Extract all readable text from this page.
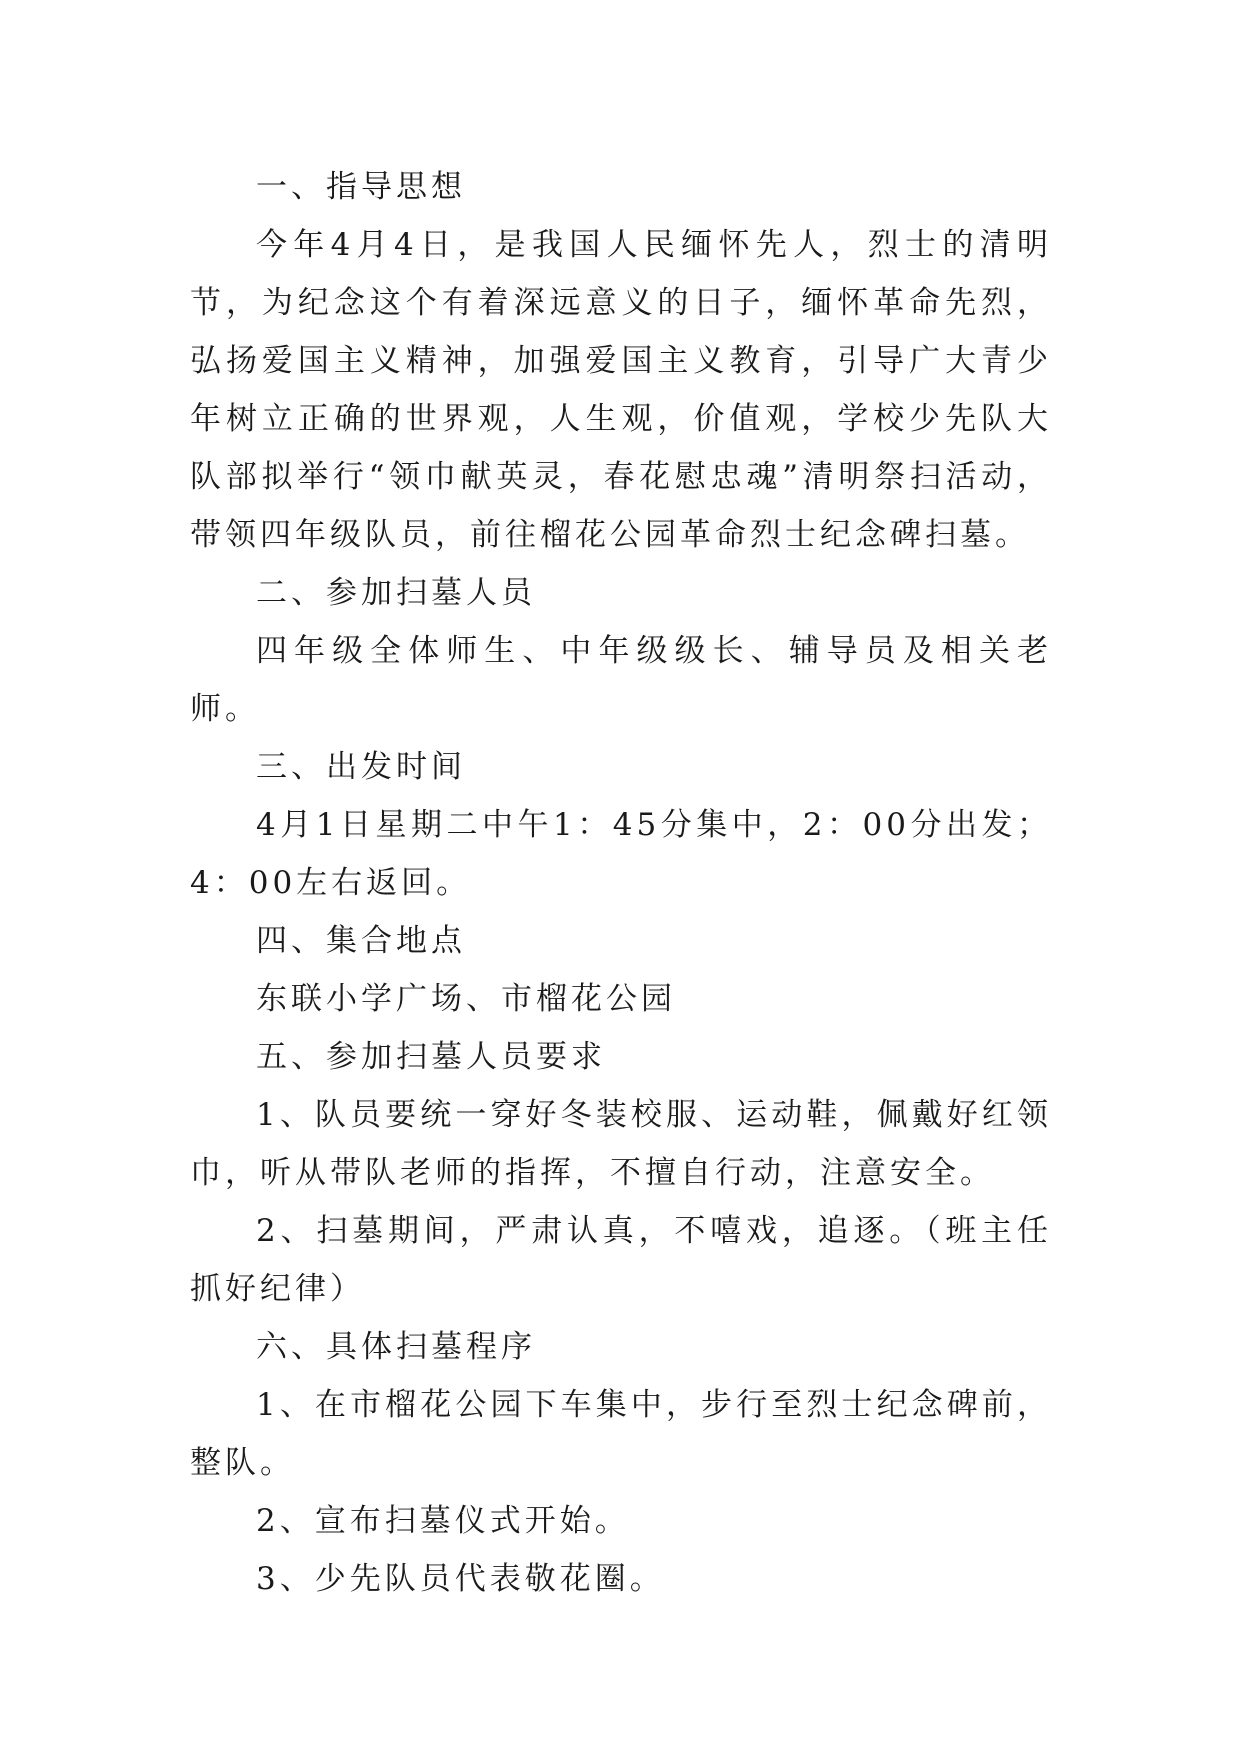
一、指导思想

今年4月4日，是我国人民缅怀先人，烈士的清明节，为纪念这个有着深远意义的日子，缅怀革命先烈，弘扬爱国主义精神，加强爱国主义教育，引导广大青少年树立正确的世界观，人生观，价值观，学校少先队大队部拟举行“领巾献英灵，春花慰忠魂”清明祭扫活动，带领四年级队员，前往榴花公园革命烈士纪念碑扫墓。

二、参加扫墓人员

四年级全体师生、中年级级长、辅导员及相关老师。

三、出发时间

4月1日星期二中午1：45分集中，2：00分出发；4：00左右返回。

四、集合地点

东联小学广场、市榴花公园

五、参加扫墓人员要求

1、队员要统一穿好冬装校服、运动鞋，佩戴好红领巾，听从带队老师的指挥，不擅自行动，注意安全。

2、扫墓期间，严肃认真，不嘻戏，追逐。（班主任抓好纪律）

六、具体扫墓程序

1、在市榴花公园下车集中，步行至烈士纪念碑前，整队。

2、宣布扫墓仪式开始。

3、少先队员代表敬花圈。
